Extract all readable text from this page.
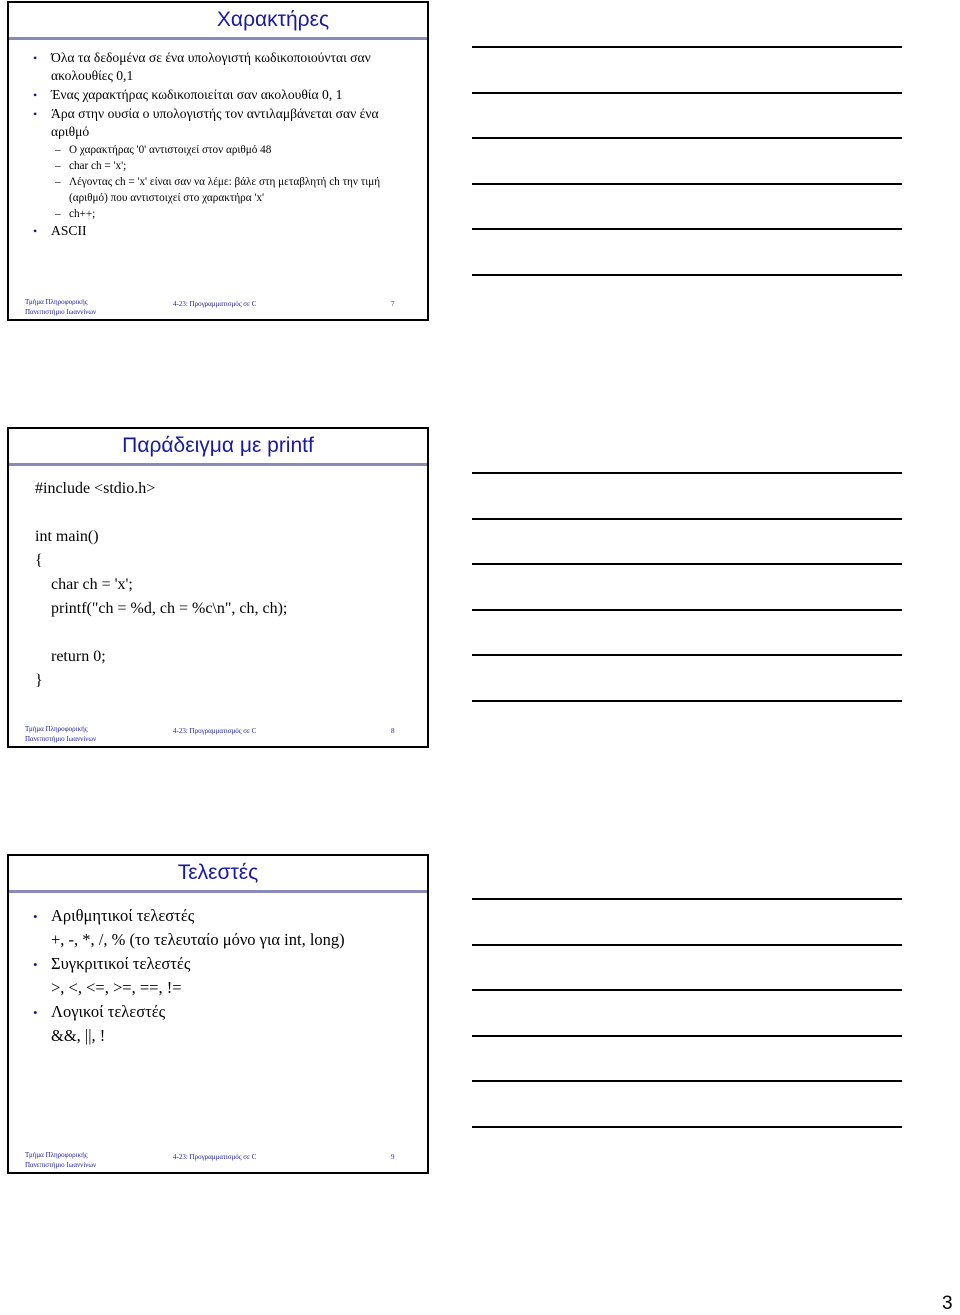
Χαρακτήρες
• Όλα τα δεδομένα σε ένα υπολογιστή κωδικοποιούνται σαν
ακολουθίες 0,1
• Ένας χαρακτήρας κωδικοποιείται σαν ακολουθία 0, 1
• Άρα στην ουσία ο υπολογιστής τον αντιλαμβάνεται σαν ένα
αριθμό
– Ο χαρακτήρας '0' αντιστοιχεί στον αριθμό 48
– char ch = 'x';
– Λέγοντας ch = 'x' είναι σαν να λέμε: βάλε στη μεταβλητή ch την τιμή
(αριθμό) που αντιστοιχεί στο χαρακτήρα 'x'
– ch++;
• ASCII
Τμήμα Πληροφορικής
Πανεπιστήμιο Ιωαννίνων
4-23: Προγραμματισμός σε C	7
Παράδειγμα με printf
#include <stdio.h>
int main()
{
char ch = 'x';
printf("ch = %d, ch = %c\n", ch, ch);
return 0;
}
Τμήμα Πληροφορικής
Πανεπιστήμιο Ιωαννίνων
4-23: Προγραμματισμός σε C	8
Τελεστές
• Αριθμητικοί τελεστές
+, -, *, /, % (το τελευταίο μόνο για int, long)
• Συγκριτικοί τελεστές
>, <, <=, >=, ==, !=
• Λογικοί τελεστές
&&, ||, !
Τμήμα Πληροφορικής
Πανεπιστήμιο Ιωαννίνων
4-23: Προγραμματισμός σε C	9
3
